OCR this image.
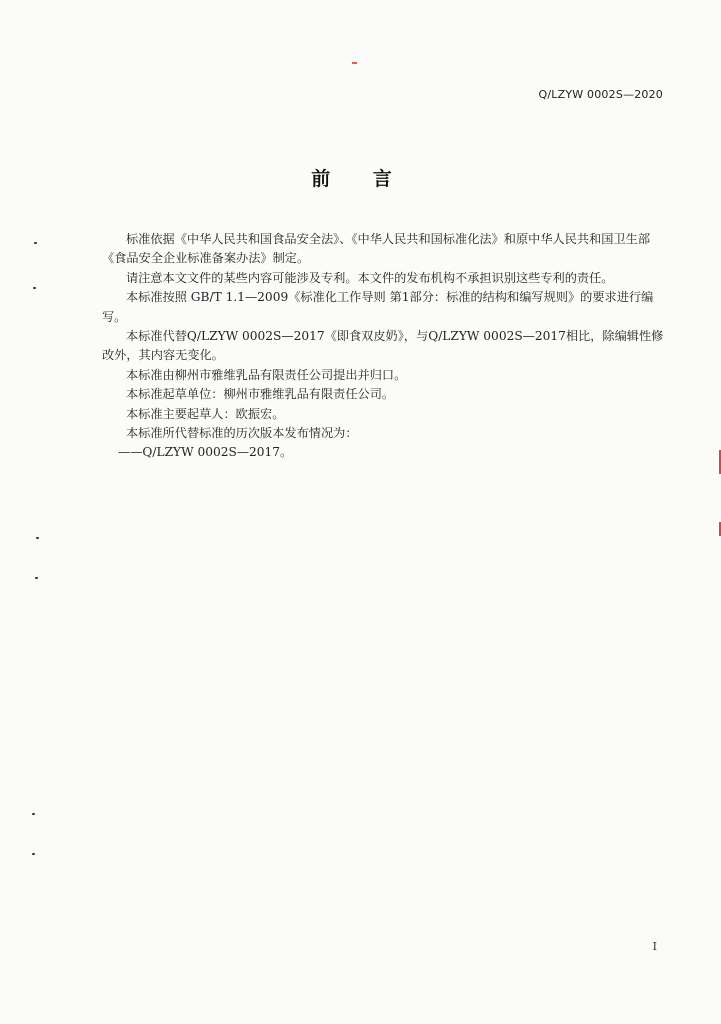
Q/LZYW 0002S—2020
前 言

标准依据《中华人民共和国食品安全法》、《中华人民共和国标准化法》和原中华人民共和国卫生部《食品安全企业标准备案办法》制定。

请注意本文文件的某些内容可能涉及专利。本文件的发布机构不承担识别这些专利的责任。

本标准按照 GB/T 1.1—2009《标准化工作导则 第1部分：标准的结构和编写规则》的要求进行编写。

本标准代替Q/LZYW 0002S—2017《即食双皮奶》，与Q/LZYW 0002S—2017相比，除编辑性修改外，其内容无变化。

本标准由柳州市雅维乳品有限责任公司提出并归口。

本标准起草单位：柳州市雅维乳品有限责任公司。

本标准主要起草人：欧振宏。

本标准所代替标准的历次版本发布情况为：

——Q/LZYW 0002S—2017。

I
